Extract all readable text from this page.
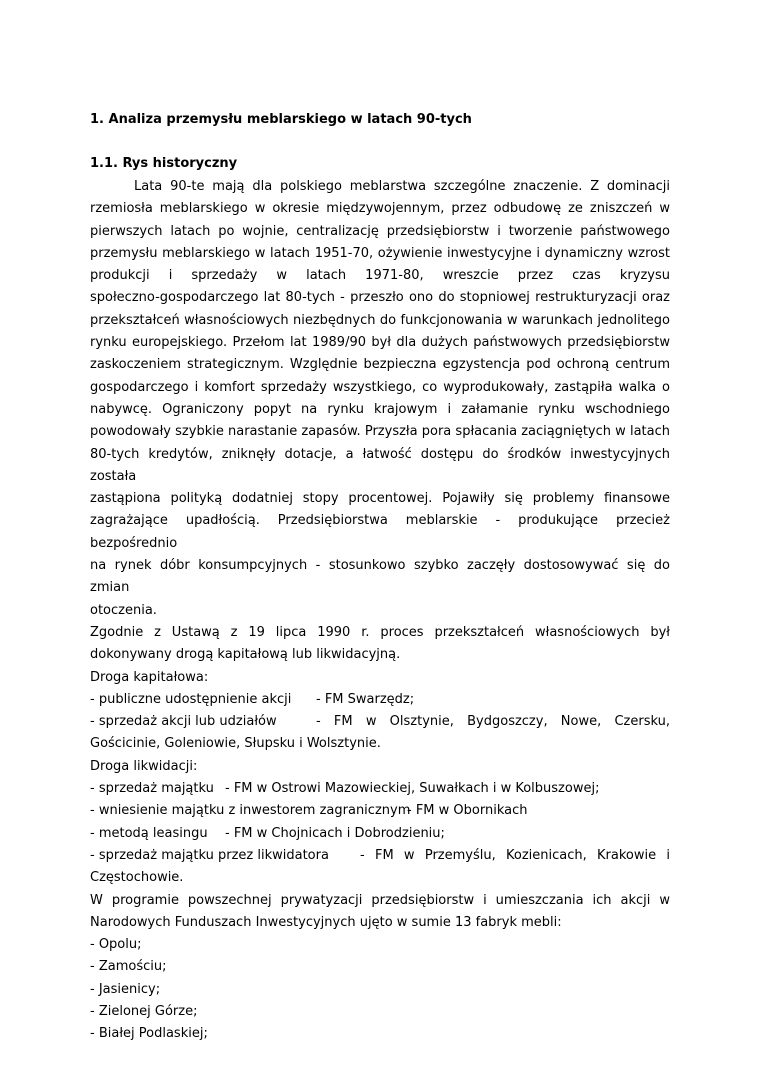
1. Analiza przemysłu meblarskiego w latach 90-tych
1.1. Rys historyczny
Lata 90-te mają dla polskiego meblarstwa szczególne znaczenie. Z dominacji
rzemiosła meblarskiego w okresie międzywojennym, przez odbudowę ze zniszczeń w
pierwszych latach po wojnie, centralizację przedsiębiorstw i tworzenie państwowego
przemysłu meblarskiego w latach 1951-70, ożywienie inwestycyjne i dynamiczny wzrost
produkcji i sprzedaży w latach 1971-80, wreszcie przez czas kryzysu
społeczno-gospodarczego lat 80-tych - przeszło ono do stopniowej restrukturyzacji oraz
przekształceń własnościowych niezbędnych do funkcjonowania w warunkach jednolitego
rynku europejskiego. Przełom lat 1989/90 był dla dużych państwowych przedsiębiorstw
zaskoczeniem strategicznym. Względnie bezpieczna egzystencja pod ochroną centrum
gospodarczego i komfort sprzedaży wszystkiego, co wyprodukowały, zastąpiła walka o
nabywcę. Ograniczony popyt na rynku krajowym i załamanie rynku wschodniego
powodowały szybkie narastanie zapasów. Przyszła pora spłacania zaciągniętych w latach
80-tych kredytów, zniknęły dotacje, a łatwość dostępu do środków inwestycyjnych została
zastąpiona polityką dodatniej stopy procentowej. Pojawiły się problemy finansowe
zagrażające upadłością. Przedsiębiorstwa meblarskie - produkujące przecież bezpośrednio
na rynek dóbr konsumpcyjnych - stosunkowo szybko zaczęły dostosowywać się do zmian
otoczenia.
Zgodnie z Ustawą z 19 lipca 1990 r. proces przekształceń własnościowych był
dokonywany drogą kapitałową lub likwidacyjną.
Droga kapitałowa:
- publiczne udostępnienie akcji - FM Swarzędz;
- sprzedaż akcji lub udziałów	- FM w Olsztynie, Bydgoszczy, Nowe, Czersku,
Gościcinie, Goleniowie, Słupsku i Wolsztynie.
Droga likwidacji:
- sprzedaż majątku - FM w Ostrowi Mazowieckiej, Suwałkach i w Kolbuszowej;
- wniesienie majątku z inwestorem zagranicznym
- FM w Obornikach
- metodą leasingu - FM w Chojnicach i Dobrodzieniu;
- sprzedaż majątku przez likwidatora - FM w Przemyślu, Kozienicach, Krakowie i
Częstochowie.
W programie powszechnej prywatyzacji przedsiębiorstw i umieszczania ich akcji w
Narodowych Funduszach Inwestycyjnych ujęto w sumie 13 fabryk mebli:
- Opolu;
- Zamościu;
- Jasienicy;
- Zielonej Górze;
- Białej Podlaskiej;
